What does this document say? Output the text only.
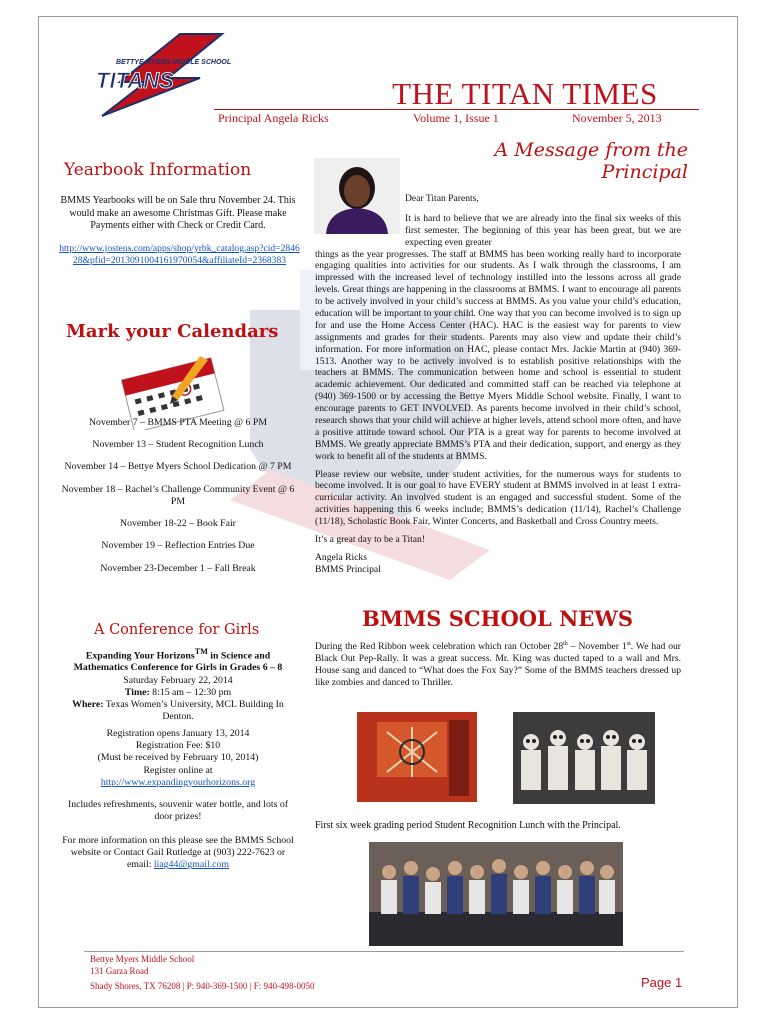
BETTYE MYERS MIDDLE SCHOOL
TITANS	THE TITAN TIMES
Principal Angela Ricks	Volume 1, Issue 1	November 5, 2013
Yearbook Information
BMMS Yearbooks will be on Sale thru November 24. This would make an awesome Christmas Gift. Please make Payments either with Check or Credit Card.
http://www.jostens.com/apps/shop/yrbk_catalog.asp?cid=284628&pfid=2013091004161970054&affiliateId=2368383
Mark your Calendars
November 7 – BMMS PTA Meeting @ 6 PM
November 13 – Student Recognition Lunch
November 14 – Bettye Myers School Dedication @ 7 PM
November 18 – Rachel’s Challenge Community Event @ 6 PM
November 18-22 – Book Fair
November 19 – Reflection Entries Due
November 23-December 1 – Fall Break
A Conference for Girls

Expanding Your Horizons™ in Science and Mathematics Conference for Girls in Grades 6 – 8
Saturday February 22, 2014
Time: 8:15 am – 12:30 pm
Where: Texas Women’s University, MCL Building In Denton.

Registration opens January 13, 2014
Registration Fee: $10
(Must be received by February 10, 2014)
Register online at
http://www.expandingyourhorizons.org

Includes refreshments, souvenir water bottle, and lots of door prizes!

For more information on this please see the BMMS School website or Contact Gail Rutledge at (903) 222-7623 or email: liag44@gmail.com

A Message from the
Principal
Dear Titan Parents,

It is hard to believe that we are already into the final six weeks of this first semester. The beginning of this year has been great, but we are expecting even greater
things as the year progresses. The staff at BMMS has been working really hard to incorporate engaging qualities into activities for our students. As I walk through the classrooms, I am impressed with the increased level of technology instilled into the lessons across all grade levels. Great things are happening in the classrooms at BMMS. I want to encourage all parents to be actively involved in your child’s success at BMMS. As you value your child’s education, education will be important to your child. One way that you can become involved is to sign up for and use the Home Access Center (HAC). HAC is the easiest way for parents to view assignments and grades for their students. Parents may also view and update their child’s information. For more information on HAC, please contact Mrs. Jackie Martin at (940) 369-1513. Another way to be actively involved is to establish positive relationships with the teachers at BMMS. The communication between home and school is essential to student academic achievement. Our dedicated and committed staff can be reached via telephone at (940) 369-1500 or by accessing the Bettye Myers Middle School website. Finally, I want to encourage parents to GET INVOLVED. As parents become involved in their child’s school, research shows that your child will achieve at higher levels, attend school more often, and have a positive attitude toward school. Our PTA is a great way for parents to become involved at BMMS. We greatly appreciate BMMS’s PTA and their dedication, support, and energy as they work to benefit all of the students at BMMS.

Please review our website, under student activities, for the numerous ways for students to become involved. It is our goal to have EVERY student at BMMS involved in at least 1 extra-curricular activity. An involved student is an engaged and successful student. Some of the activities happening this 6 weeks include; BMMS’s dedication (11/14), Rachel’s Challenge (11/18), Scholastic Book Fair, Winter Concerts, and Basketball and Cross Country meets.

It’s a great day to be a Titan!

Angela Ricks
BMMS Principal
BMMS SCHOOL NEWS
During the Red Ribbon week celebration which ran October 28th – November 1st. We had our Black Out Pep-Rally. It was a great success. Mr. King was ducted taped to a wall and Mrs. House sang and danced to “What does the Fox Say?” Some of the BMMS teachers dressed up like zombies and danced to Thriller.
First six week grading period Student Recognition Lunch with the Principal.
Bettye Myers Middle School
131 Garza Road
Shady Shores, TX 76208 | P: 940-369-1500 | F: 940-498-0050	Page 1
